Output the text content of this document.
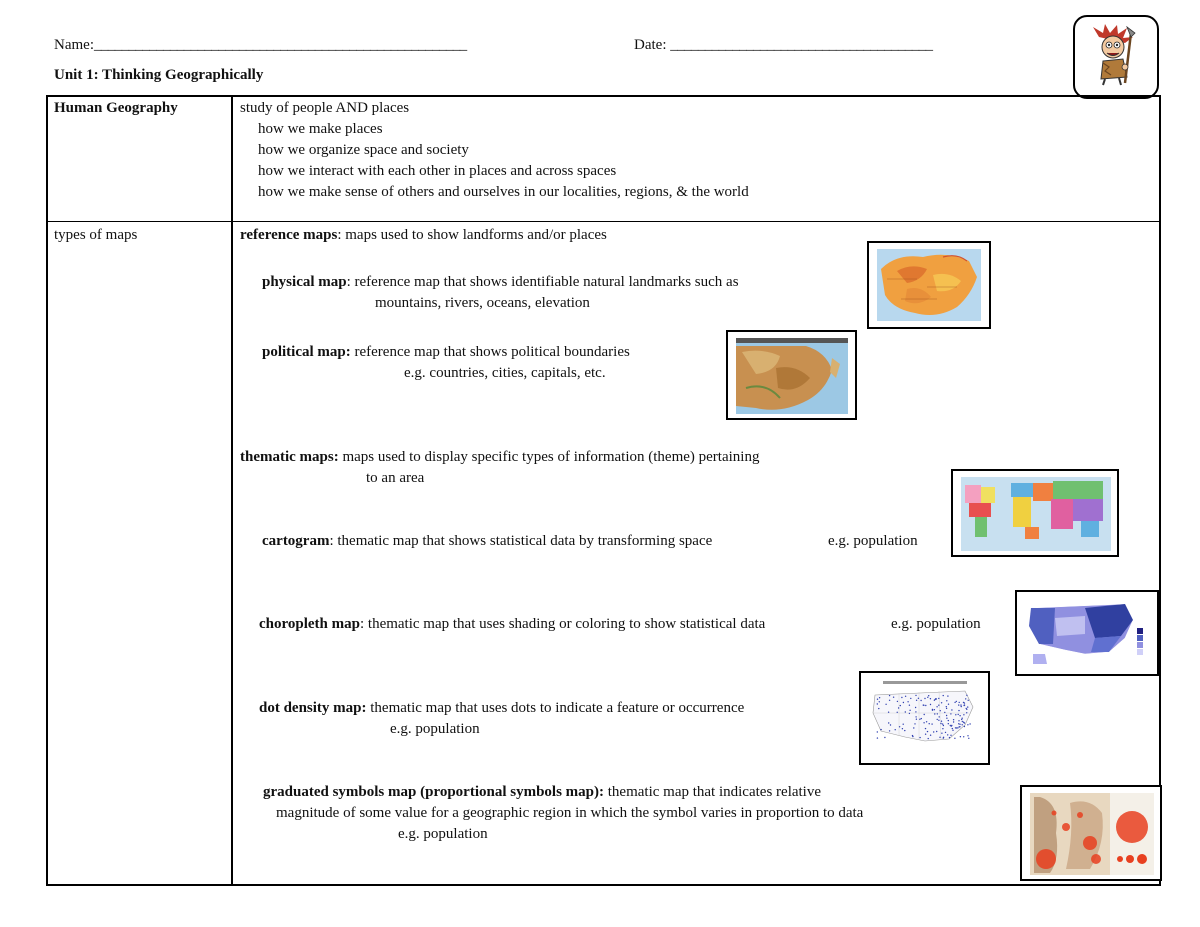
Name:______________________________________________________	Date: ______________________________________
Unit 1: Thinking Geographically
Human Geography	study of people AND places
how we make places
how we organize space and society
how we interact with each other in places and across spaces
how we make sense of others and ourselves in our localities, regions, & the world
types of maps	reference maps: maps used to show landforms and/or places
physical map: reference map that shows identifiable natural landmarks such as
mountains, rivers, oceans, elevation
political map: reference map that shows political boundaries
e.g. countries, cities, capitals, etc.
thematic maps: maps used to display specific types of information (theme) pertaining
to an area
cartogram: thematic map that shows statistical data by transforming space	e.g. population
choropleth map: thematic map that uses shading or coloring to show statistical data	e.g. population
dot density map: thematic map that uses dots to indicate a feature or occurrence
e.g. population
graduated symbols map (proportional symbols map): thematic map that indicates relative
magnitude of some value for a geographic region in which the symbol varies in proportion to data
e.g. population
